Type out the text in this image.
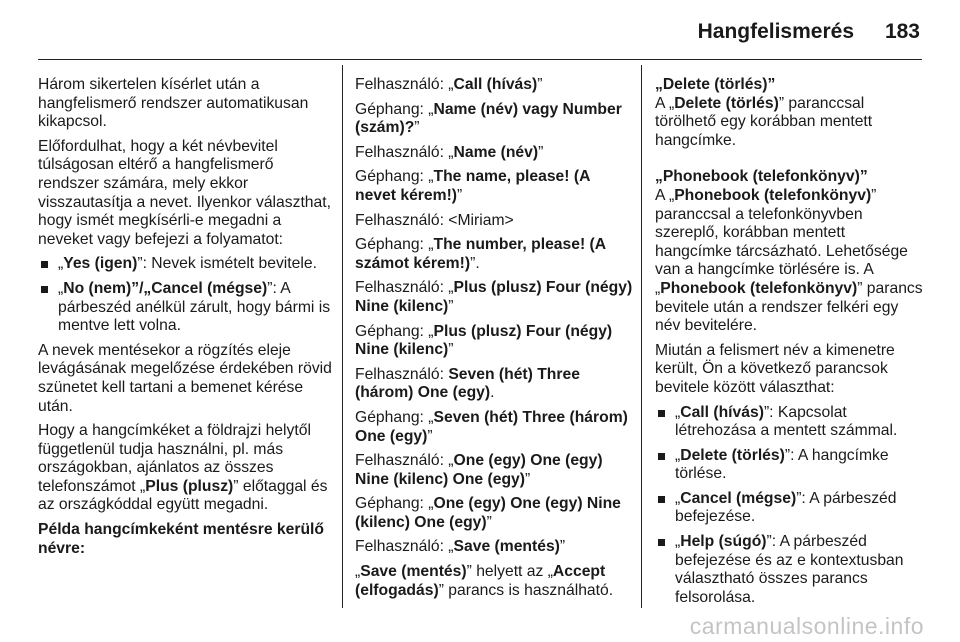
Hangfelismerés 183

Három sikertelen kísérlet után a hangfelismerő rendszer automatikusan kikapcsol.

Előfordulhat, hogy a két névbevitel túlságosan eltérő a hangfelismerő rendszer számára, mely ekkor visszautasítja a nevet. Ilyenkor választhat, hogy ismét megkísérli-e megadni a neveket vagy befejezi a folyamatot:

„Yes (igen)”: Nevek ismételt bevitele.
„No (nem)”/„Cancel (mégse)”: A párbeszéd anélkül zárult, hogy bármi is mentve lett volna.

A nevek mentésekor a rögzítés eleje levágásának megelőzése érdekében rövid szünetet kell tartani a bemenet kérése után.

Hogy a hangcímkéket a földrajzi helytől függetlenül tudja használni, pl. más országokban, ajánlatos az összes telefonszámot „Plus (plusz)” előtaggal és az országkóddal együtt megadni.

Példa hangcímkeként mentésre kerülő névre:

Felhasználó: „Call (hívás)”

Géphang: „Name (név) vagy Number (szám)?”

Felhasználó: „Name (név)”

Géphang: „The name, please! (A nevet kérem!)”

Felhasználó: <Miriam>

Géphang: „The number, please! (A számot kérem!)”.

Felhasználó: „Plus (plusz) Four (négy) Nine (kilenc)”

Géphang: „Plus (plusz) Four (négy) Nine (kilenc)”

Felhasználó: Seven (hét) Three (három) One (egy).

Géphang: „Seven (hét) Three (három) One (egy)”

Felhasználó: „One (egy) One (egy) Nine (kilenc) One (egy)”

Géphang: „One (egy) One (egy) Nine (kilenc) One (egy)”

Felhasználó: „Save (mentés)”

„Save (mentés)” helyett az „Accept (elfogadás)” parancs is használható.

„Delete (törlés)”

A „Delete (törlés)” paranccsal törölhető egy korábban mentett hangcímke.

„Phonebook (telefonkönyv)”

A „Phonebook (telefonkönyv)” paranccsal a telefonkönyvben szereplő, korábban mentett hangcímke tárcsázható. Lehetősége van a hangcímke törlésére is. A „Phonebook (telefonkönyv)” parancs bevitele után a rendszer felkéri egy név bevitelére.

Miután a felismert név a kimenetre került, Ön a következő parancsok bevitele között választhat:

„Call (hívás)”: Kapcsolat létrehozása a mentett számmal.
„Delete (törlés)”: A hangcímke törlése.
„Cancel (mégse)”: A párbeszéd befejezése.
„Help (súgó)”: A párbeszéd befejezése és az e kontextusban választható összes parancs felsorolása.
carmanualsonline.info
